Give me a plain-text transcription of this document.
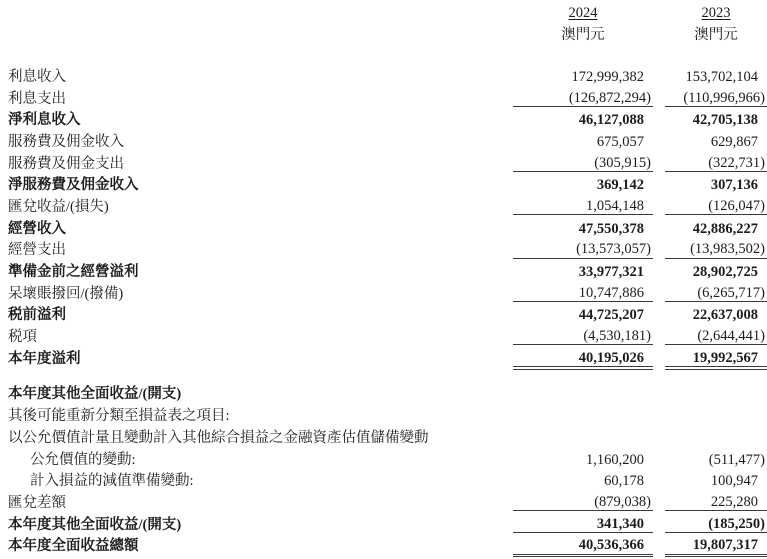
	2024	2023

	澳門元	澳門元

利息收入	172,999,382	153,702,104

利息支出	(126,872,294)	(110,996,966)

淨利息收入	46,127,088	42,705,138

服務費及佣金收入	675,057	629,867

服務費及佣金支出	(305,915)	(322,731)

淨服務費及佣金收入	369,142	307,136

匯兌收益/(損失)	1,054,148	(126,047)

經營收入	47,550,378	42,886,227

經營支出	(13,573,057)	(13,983,502)

準備金前之經營溢利	33,977,321	28,902,725

呆壞賬撥回/(撥備)	10,747,886	(6,265,717)

税前溢利	44,725,207	22,637,008

税項	(4,530,181)	(2,644,441)

本年度溢利	40,195,026	19,992,567

本年度其他全面收益/(開支)	

其後可能重新分類至損益表之項目:	

以公允價值計量且變動計入其他綜合損益之金融資產估值儲備變動	

公允價值的變動:	1,160,200	(511,477)

計入損益的減值準備變動:	60,178	100,947

匯兌差額	(879,038)	225,280

本年度其他全面收益/(開支)	341,340	(185,250)

本年度全面收益總額	40,536,366	19,807,317
